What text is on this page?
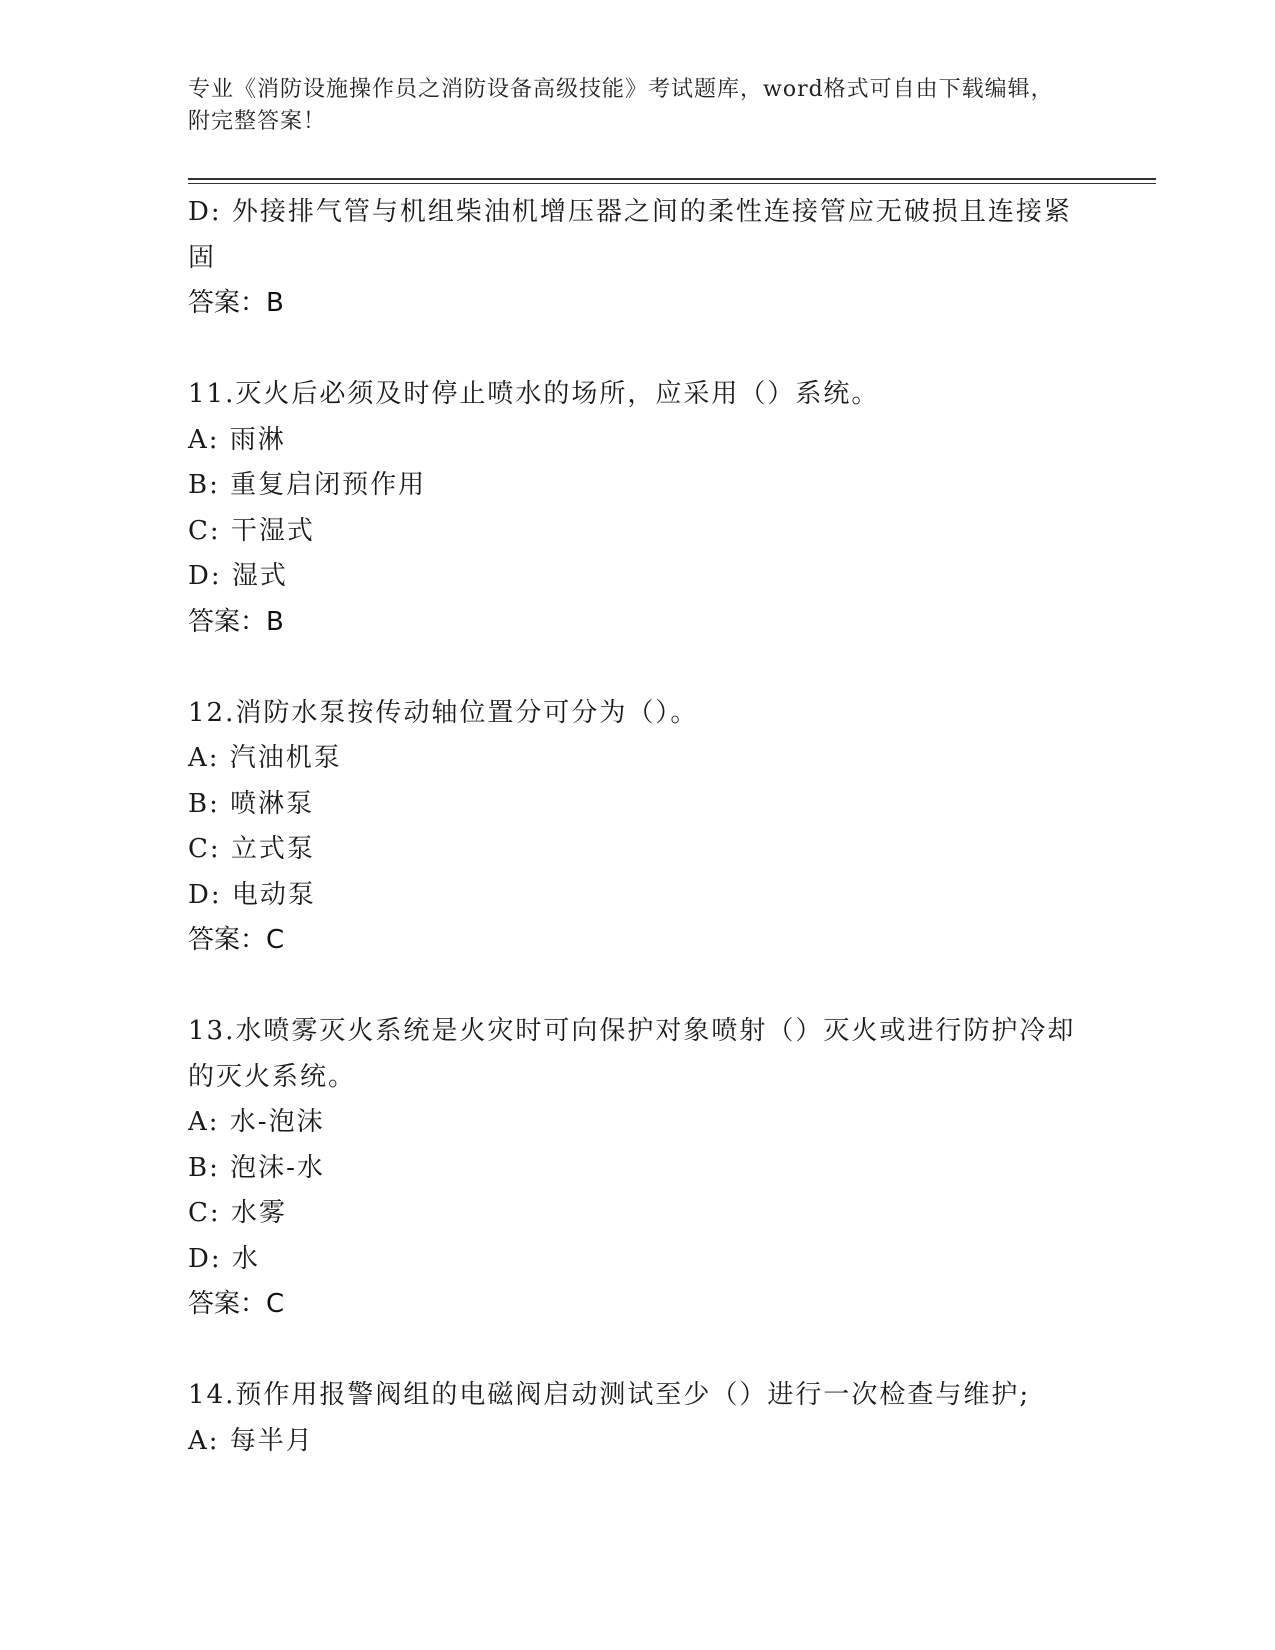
专业《消防设施操作员之消防设备高级技能》考试题库，word格式可自由下载编辑，附完整答案！

D: 外接排气管与机组柴油机增压器之间的柔性连接管应无破损且连接紧固

答案：B

11.灭火后必须及时停止喷水的场所，应采用（）系统。

A: 雨淋

B: 重复启闭预作用

C: 干湿式

D: 湿式

答案：B

12.消防水泵按传动轴位置分可分为（）。

A: 汽油机泵

B: 喷淋泵

C: 立式泵

D: 电动泵

答案：C

13.水喷雾灭火系统是火灾时可向保护对象喷射（）灭火或进行防护冷却的灭火系统。

A: 水-泡沫

B: 泡沫-水

C: 水雾

D: 水

答案：C

14.预作用报警阀组的电磁阀启动测试至少（）进行一次检查与维护;

A: 每半月
